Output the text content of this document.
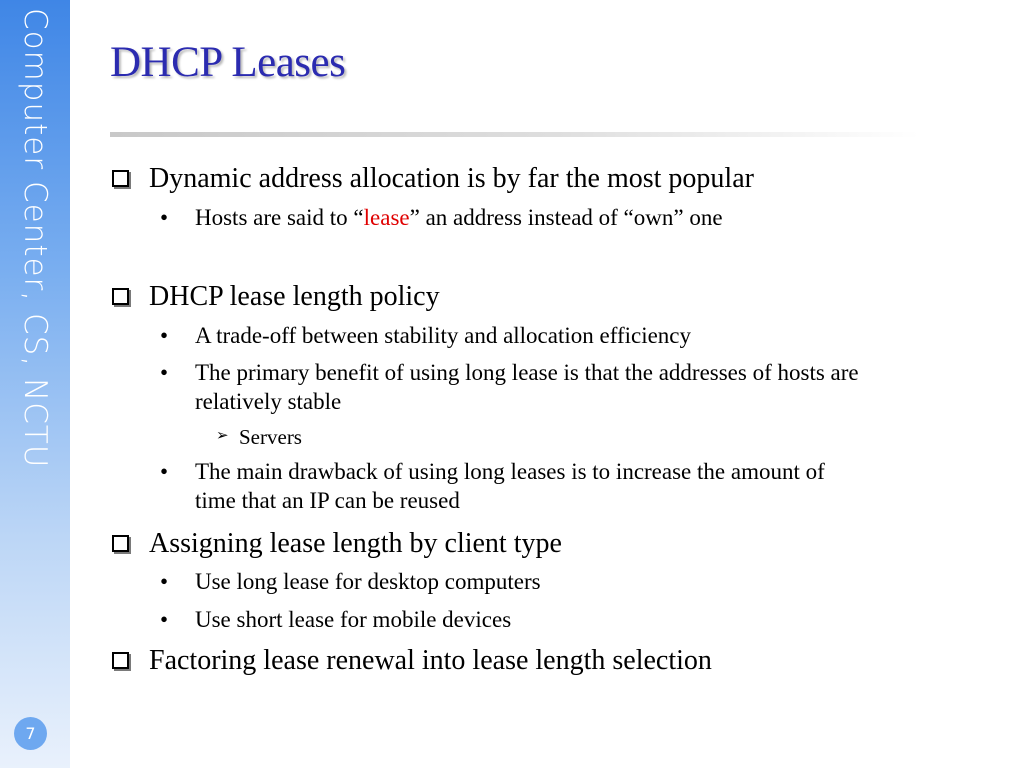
Computer Center, CS, NCTU
7
DHCP Leases
Dynamic address allocation is by far the most popular
• Hosts are said to “lease” an address instead of “own” one
DHCP lease length policy
• A trade-off between stability and allocation efficiency
• The primary benefit of using long lease is that the addresses of hosts are
relatively stable
➢ Servers
• The main drawback of using long leases is to increase the amount of
time that an IP can be reused
Assigning lease length by client type
• Use long lease for desktop computers
• Use short lease for mobile devices
Factoring lease renewal into lease length selection
